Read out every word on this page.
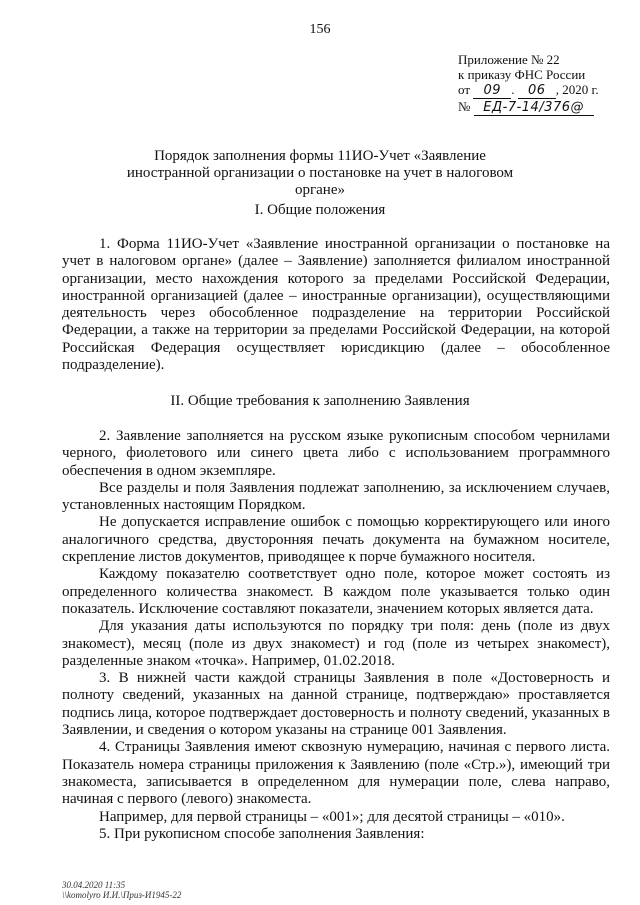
156
Приложение № 22
к приказу ФНС России
от 09 . 06 , 2020 г.
№ ЕД-7-14/376@
Порядок заполнения формы 11ИО-Учет «Заявление
иностранной организации о постановке на учет в налоговом органе»
I. Общие положения

1. Форма 11ИО-Учет «Заявление иностранной организации о постановке на учет в налоговом органе» (далее – Заявление) заполняется филиалом иностранной организации, место нахождения которого за пределами Российской Федерации, иностранной организацией (далее – иностранные организации), осуществляющими деятельность через обособленное подразделение на территории Российской Федерации, а также на территории за пределами Российской Федерации, на которой Российская Федерация осуществляет юрисдикцию (далее – обособленное подразделение).

II. Общие требования к заполнению Заявления

2. Заявление заполняется на русском языке рукописным способом чернилами черного, фиолетового или синего цвета либо с использованием программного обеспечения в одном экземпляре.

Все разделы и поля Заявления подлежат заполнению, за исключением случаев, установленных настоящим Порядком.

Не допускается исправление ошибок с помощью корректирующего или иного аналогичного средства, двусторонняя печать документа на бумажном носителе, скрепление листов документов, приводящее к порче бумажного носителя.

Каждому показателю соответствует одно поле, которое может состоять из определенного количества знакомест. В каждом поле указывается только один показатель. Исключение составляют показатели, значением которых является дата.

Для указания даты используются по порядку три поля: день (поле из двух знакомест), месяц (поле из двух знакомест) и год (поле из четырех знакомест), разделенные знаком «точка». Например, 01.02.2018.

3. В нижней части каждой страницы Заявления в поле «Достоверность и полноту сведений, указанных на данной странице, подтверждаю» проставляется подпись лица, которое подтверждает достоверность и полноту сведений, указанных в Заявлении, и сведения о котором указаны на странице 001 Заявления.

4. Страницы Заявления имеют сквозную нумерацию, начиная с первого листа. Показатель номера страницы приложения к Заявлению (поле «Стр.»), имеющий три знакоместа, записывается в определенном для нумерации поле, слева направо, начиная с первого (левого) знакоместа.

Например, для первой страницы – «001»; для десятой страницы – «010».

5. При рукописном способе заполнения Заявления:

30.04.2020 11:35
\\komolyro И.И.\Приз-И1945-22
